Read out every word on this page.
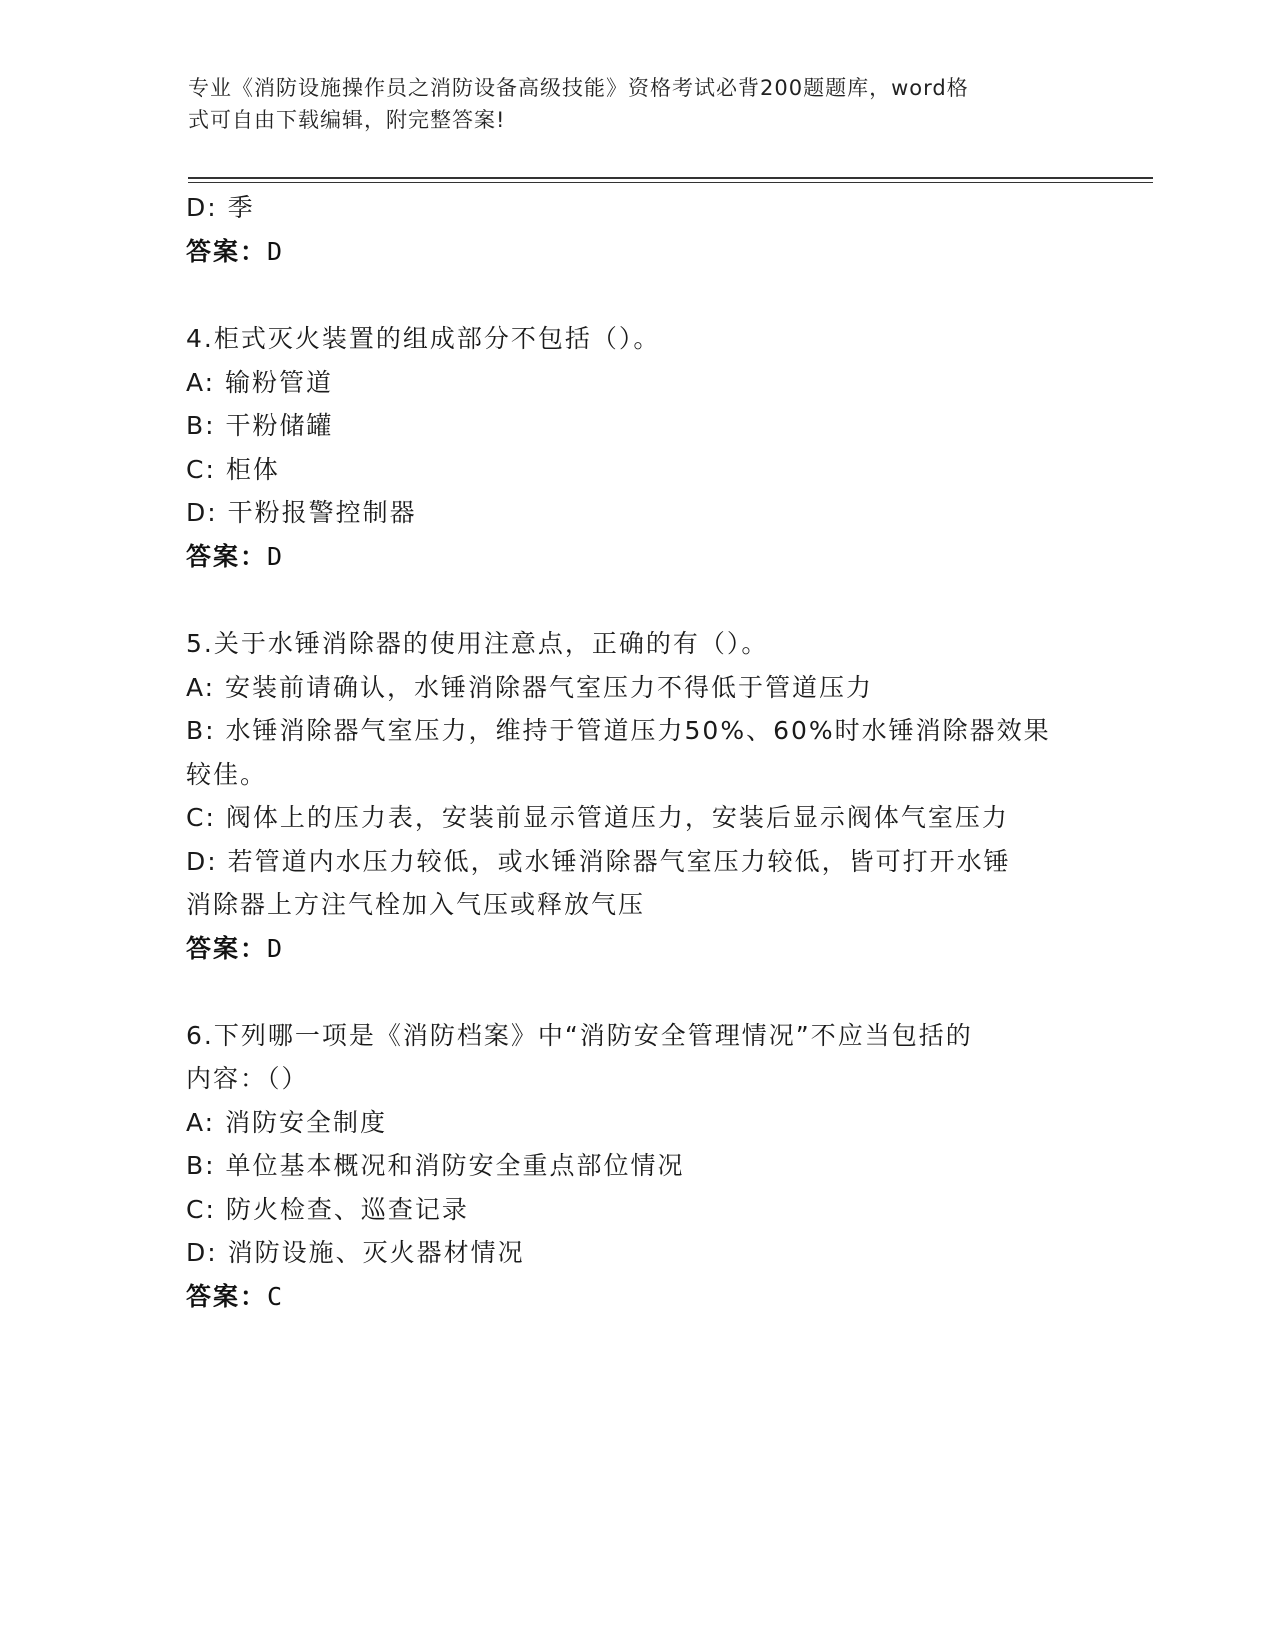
专业《消防设施操作员之消防设备高级技能》资格考试必背200题题库，word格
式可自由下载编辑，附完整答案!
D: 季
答案：D
4.柜式灭火装置的组成部分不包括（）。
A: 输粉管道
B: 干粉储罐
C: 柜体
D: 干粉报警控制器
答案：D
5.关于水锤消除器的使用注意点，正确的有（）。
A: 安装前请确认，水锤消除器气室压力不得低于管道压力
B: 水锤消除器气室压力，维持于管道压力50%、60%时水锤消除器效果
较佳。
C: 阀体上的压力表，安装前显示管道压力，安装后显示阀体气室压力
D: 若管道内水压力较低，或水锤消除器气室压力较低，皆可打开水锤
消除器上方注气栓加入气压或释放气压
答案：D
6.下列哪一项是《消防档案》中“消防安全管理情况”不应当包括的
内容：（）
A: 消防安全制度
B: 单位基本概况和消防安全重点部位情况
C: 防火检查、巡查记录
D: 消防设施、灭火器材情况
答案：C
